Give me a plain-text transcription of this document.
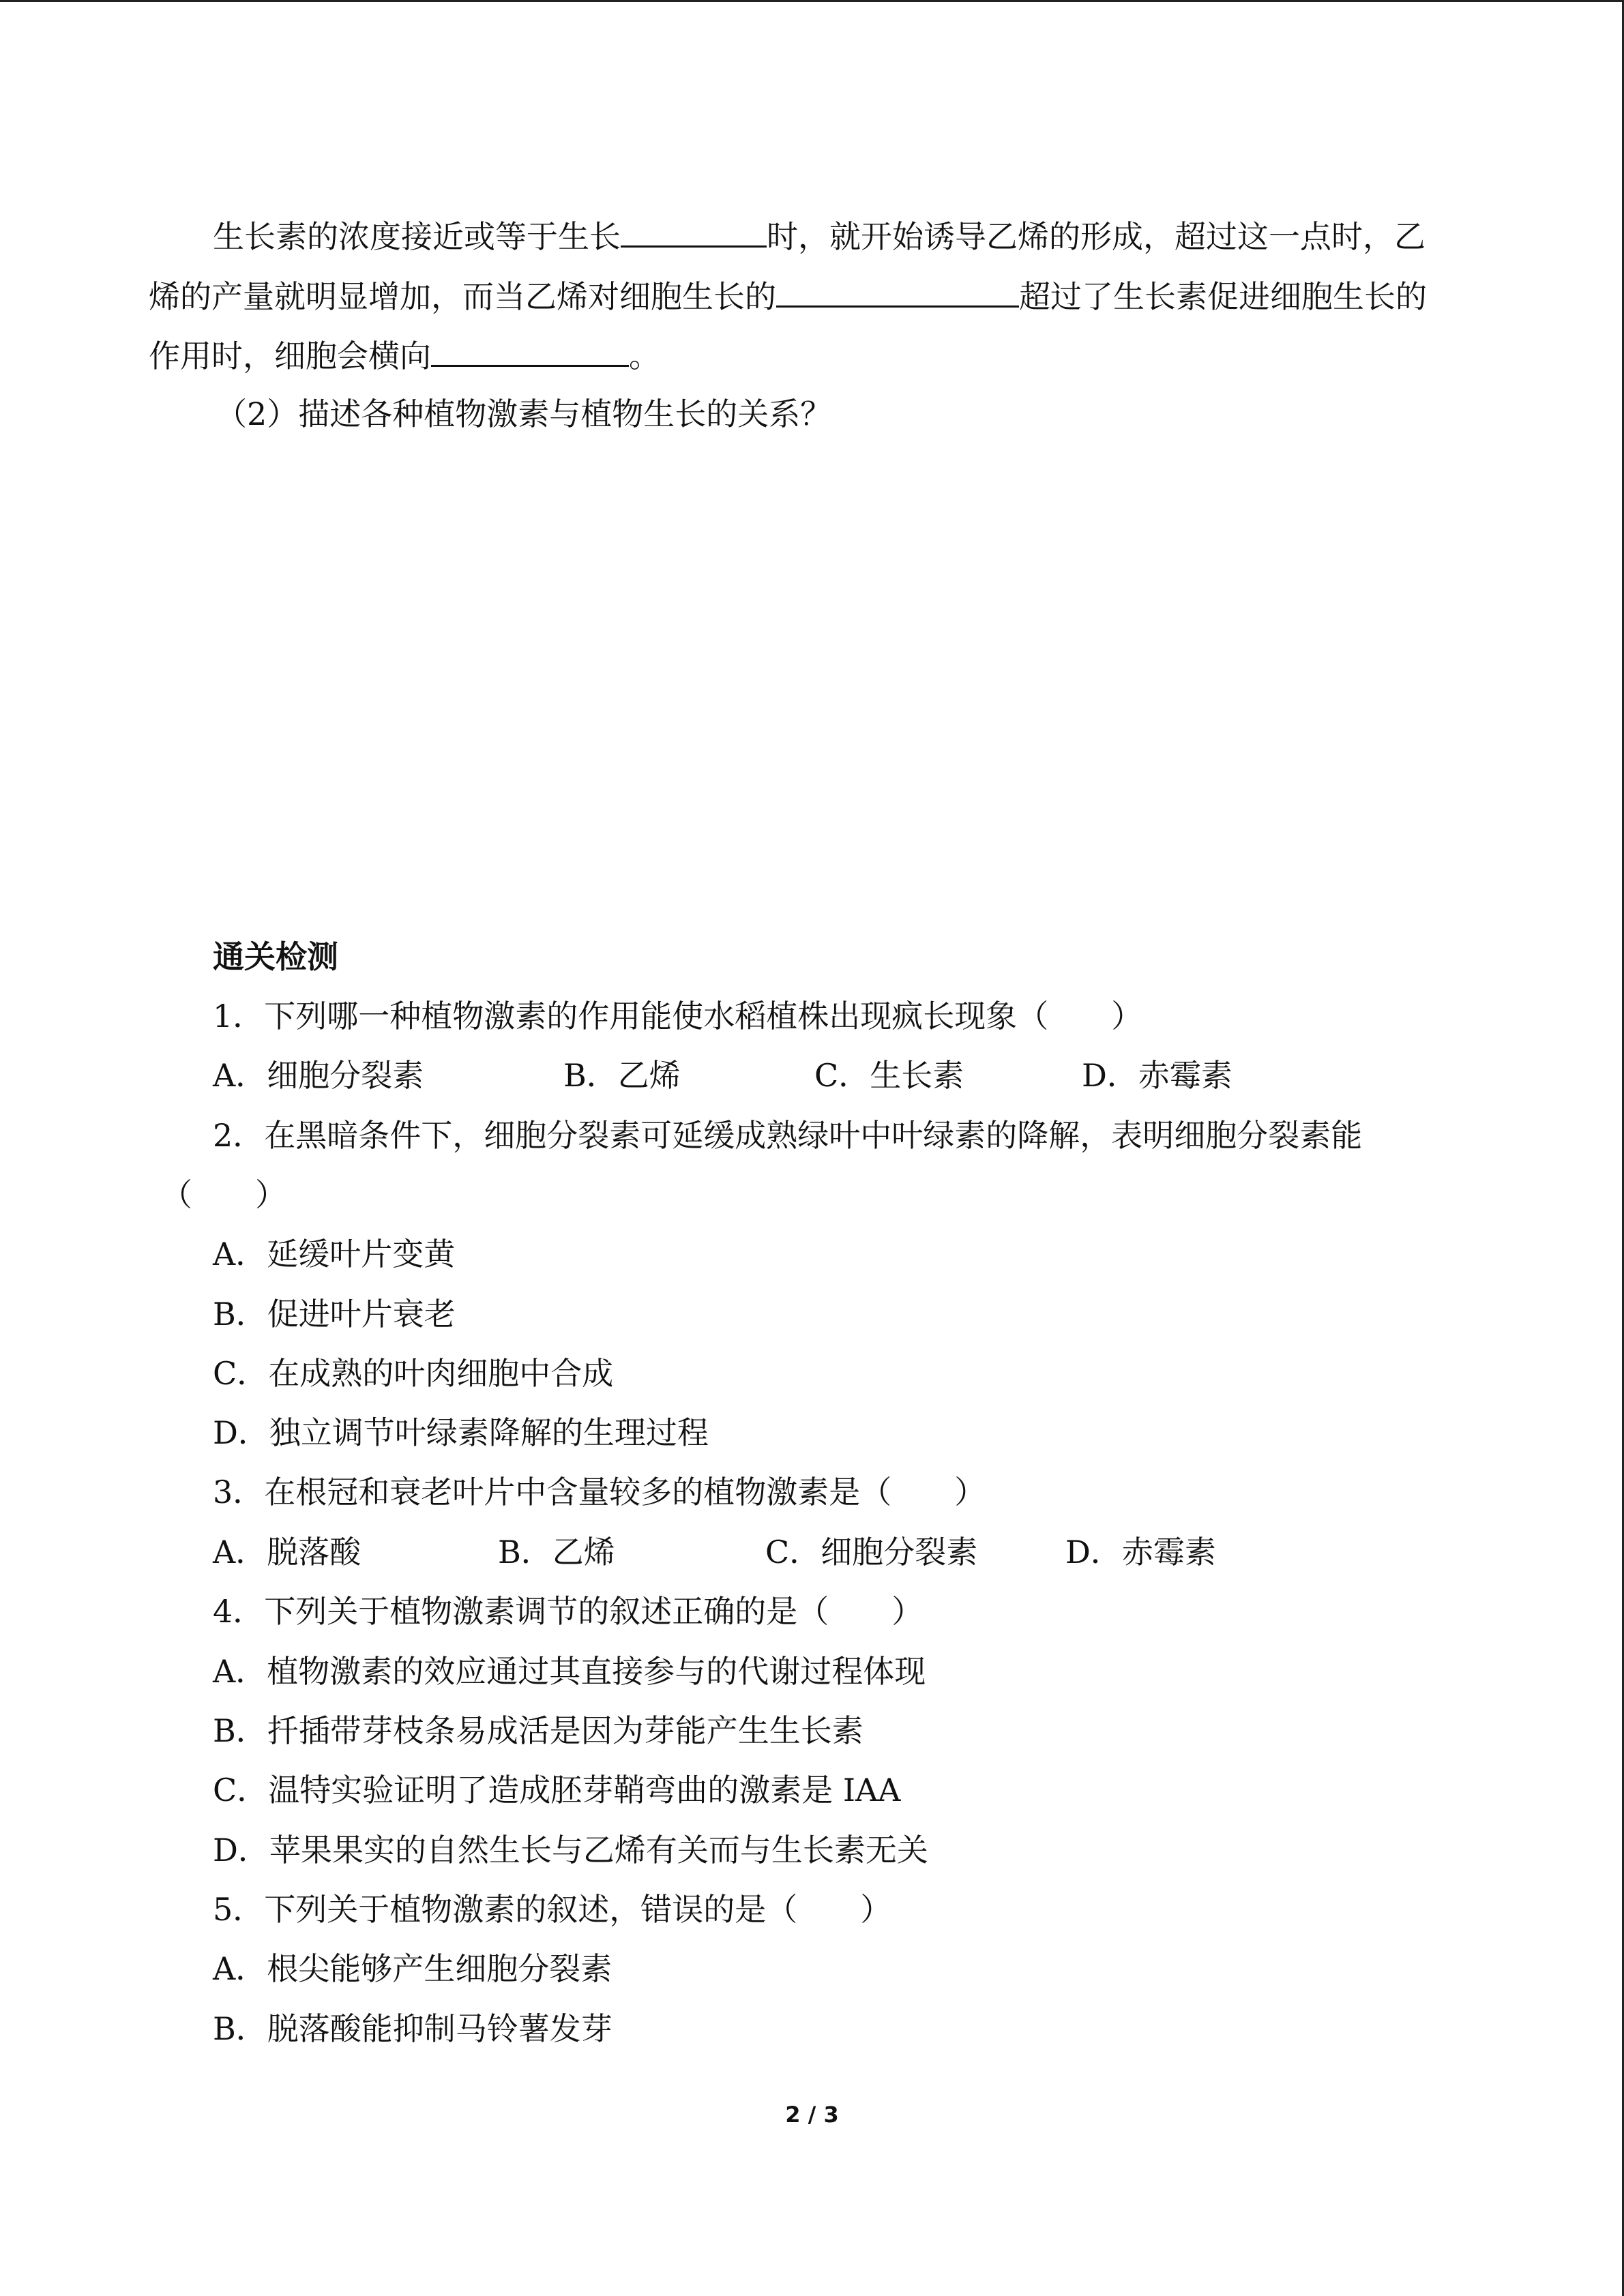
生长素的浓度接近或等于生长	时，就开始诱导乙烯的形成，超过这一点时，乙
烯的产量就明显增加，而当乙烯对细胞生长的	超过了生长素促进细胞生长的
作用时，细胞会横向	。
（2）描述各种植物激素与植物生长的关系？
通关检测
1．下列哪一种植物激素的作用能使水稻植株出现疯长现象（　　）
A．细胞分裂素	B．乙烯	C．生长素	D．赤霉素
2．在黑暗条件下，细胞分裂素可延缓成熟绿叶中叶绿素的降解，表明细胞分裂素能
（　　）
A．延缓叶片变黄
B．促进叶片衰老
C．在成熟的叶肉细胞中合成
D．独立调节叶绿素降解的生理过程
3．在根冠和衰老叶片中含量较多的植物激素是（　　）
A．脱落酸	B．乙烯	C．细胞分裂素	D．赤霉素
4．下列关于植物激素调节的叙述正确的是（　　）
A．植物激素的效应通过其直接参与的代谢过程体现
B．扦插带芽枝条易成活是因为芽能产生生长素
C．温特实验证明了造成胚芽鞘弯曲的激素是 IAA
D．苹果果实的自然生长与乙烯有关而与生长素无关
5．下列关于植物激素的叙述，错误的是（　　）
A．根尖能够产生细胞分裂素
B．脱落酸能抑制马铃薯发芽
2 / 3
